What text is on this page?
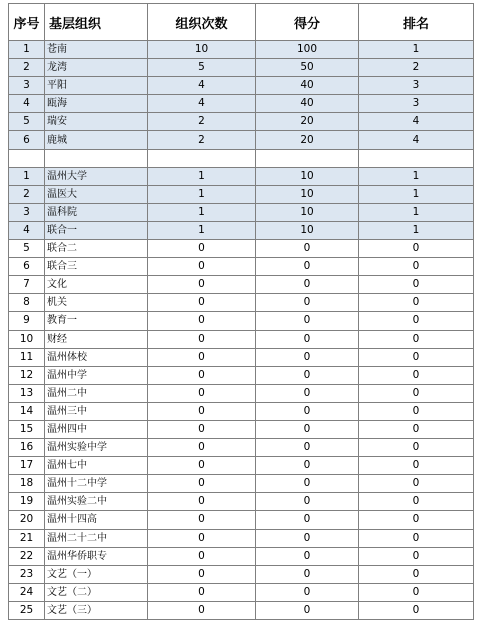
序号	基层组织	组织次数	得分	排名
1	苍南	10	100	1
2	龙湾	5	50	2
3	平阳	4	40	3
4	瓯海	4	40	3
5	瑞安	2	20	4
6	鹿城	2	20	4

1	温州大学	1	10	1
2	温医大	1	10	1
3	温科院	1	10	1
4	联合一	1	10	1
5	联合二	0	0	0
6	联合三	0	0	0
7	文化	0	0	0
8	机关	0	0	0
9	教育一	0	0	0
10	财经	0	0	0
11	温州体校	0	0	0
12	温州中学	0	0	0
13	温州二中	0	0	0
14	温州三中	0	0	0
15	温州四中	0	0	0
16	温州实验中学	0	0	0
17	温州七中	0	0	0
18	温州十二中学	0	0	0
19	温州实验二中	0	0	0
20	温州十四高	0	0	0
21	温州二十二中	0	0	0
22	温州华侨职专	0	0	0
23	文艺（一）	0	0	0
24	文艺（二）	0	0	0
25	文艺（三）	0	0	0
